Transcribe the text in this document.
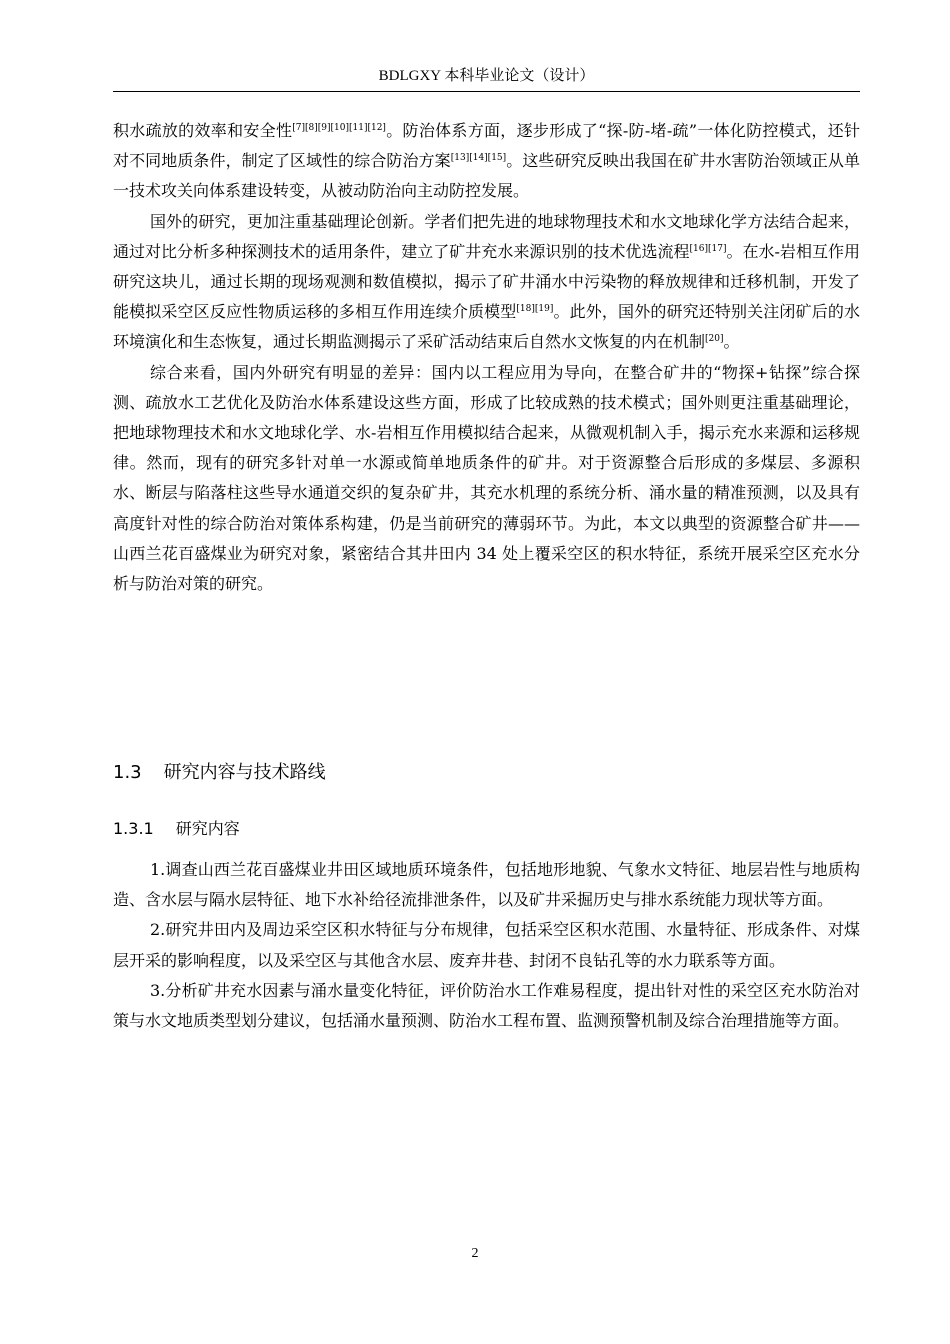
BDLGXY 本科毕业论文（设计）

积水疏放的效率和安全性[7][8][9][10][11][12]。防治体系方面，逐步形成了“探-防-堵-疏”一体化防控模式，还针对不同地质条件，制定了区域性的综合防治方案[13][14][15]。这些研究反映出我国在矿井水害防治领域正从单一技术攻关向体系建设转变，从被动防治向主动防控发展。

国外的研究，更加注重基础理论创新。学者们把先进的地球物理技术和水文地球化学方法结合起来，通过对比分析多种探测技术的适用条件，建立了矿井充水来源识别的技术优选流程[16][17]。在水-岩相互作用研究这块儿，通过长期的现场观测和数值模拟，揭示了矿井涌水中污染物的释放规律和迁移机制，开发了能模拟采空区反应性物质运移的多相互作用连续介质模型[18][19]。此外，国外的研究还特别关注闭矿后的水环境演化和生态恢复，通过长期监测揭示了采矿活动结束后自然水文恢复的内在机制[20]。

综合来看，国内外研究有明显的差异：国内以工程应用为导向，在整合矿井的“物探+钻探”综合探测、疏放水工艺优化及防治水体系建设这些方面，形成了比较成熟的技术模式；国外则更注重基础理论，把地球物理技术和水文地球化学、水-岩相互作用模拟结合起来，从微观机制入手，揭示充水来源和运移规律。然而，现有的研究多针对单一水源或简单地质条件的矿井。对于资源整合后形成的多煤层、多源积水、断层与陷落柱这些导水通道交织的复杂矿井，其充水机理的系统分析、涌水量的精准预测，以及具有高度针对性的综合防治对策体系构建，仍是当前研究的薄弱环节。为此，本文以典型的资源整合矿井——山西兰花百盛煤业为研究对象，紧密结合其井田内 34 处上覆采空区的积水特征，系统开展采空区充水分析与防治对策的研究。

1.3 研究内容与技术路线
1.3.1 研究内容

1.调查山西兰花百盛煤业井田区域地质环境条件，包括地形地貌、气象水文特征、地层岩性与地质构造、含水层与隔水层特征、地下水补给径流排泄条件，以及矿井采掘历史与排水系统能力现状等方面。

2.研究井田内及周边采空区积水特征与分布规律，包括采空区积水范围、水量特征、形成条件、对煤层开采的影响程度，以及采空区与其他含水层、废弃井巷、封闭不良钻孔等的水力联系等方面。

3.分析矿井充水因素与涌水量变化特征，评价防治水工作难易程度，提出针对性的采空区充水防治对策与水文地质类型划分建议，包括涌水量预测、防治水工程布置、监测预警机制及综合治理措施等方面。

2
